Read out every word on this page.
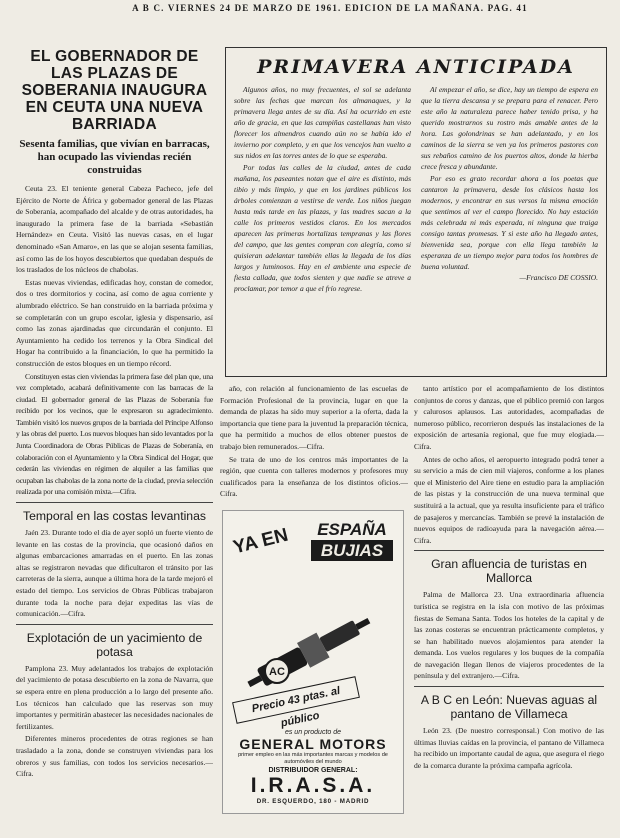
A B C. VIERNES 24 DE MARZO DE 1961. EDICION DE LA MAÑANA. PAG. 41
EL GOBERNADOR DE LAS PLAZAS DE SOBERANIA INAUGURA EN CEUTA UNA NUEVA BARRIADA
Sesenta familias, que vivían en barracas, han ocupado las viviendas recién construidas

Ceuta 23. El teniente general Cabeza Pacheco, jefe del Ejército de Norte de África y gobernador general de las Plazas de Soberanía, acompañado del alcalde y de otras autoridades, ha inaugurado la primera fase de la barriada «Sebastián Hernández» en Ceuta. Visitó las nuevas casas, en el lugar denominado «San Amaro», en las que se alojan sesenta familias, así como las de los hoyos descubiertos que quedaban después de los traslados de los núcleos de chabolas.

Estas nuevas viviendas, edificadas hoy, constan de comedor, dos o tres dormitorios y cocina, así como de agua corriente y alumbrado eléctrico. Se han construido en la barriada próxima y se completarán con un grupo escolar, iglesia y dispensario, así como las zonas ajardinadas que circundarán el conjunto. El Ayuntamiento ha cedido los terrenos y la Obra Sindical del Hogar ha contribuido a la financiación, lo que ha permitido la construcción de estos bloques en un tiempo récord.

Constituyen estas cien viviendas la primera fase del plan que, una vez completado, acabará definitivamente con las barracas de la ciudad. El gobernador general de las Plazas de Soberanía fue recibido por los vecinos, que le expresaron su agradecimiento. También visitó los nuevos grupos de la barriada del Príncipe Alfonso y las obras del puerto. Los nuevos bloques han sido levantados por la Junta Coordinadora de Obras Públicas de Plazas de Soberanía, en colaboración con el Ayuntamiento y la Obra Sindical del Hogar, que cederán las viviendas en régimen de alquiler a las familias que ocupaban las chabolas de la zona norte de la ciudad, previa selección realizada por una comisión mixta.—Cifra.

Temporal en las costas levantinas

Jaén 23. Durante todo el día de ayer sopló un fuerte viento de levante en las costas de la provincia, que ocasionó daños en algunas embarcaciones amarradas en el puerto. En las zonas altas se registraron nevadas que dificultaron el tránsito por las carreteras de la sierra, aunque a última hora de la tarde mejoró el estado del tiempo. Los servicios de Obras Públicas trabajaron durante toda la noche para dejar expeditas las vías de comunicación.—Cifra.

Explotación de un yacimiento de potasa

Pamplona 23. Muy adelantados los trabajos de explotación del yacimiento de potasa descubierto en la zona de Navarra, que se espera entre en plena producción a lo largo del presente año. Los técnicos han calculado que las reservas son muy importantes y permitirán abastecer las necesidades nacionales de fertilizantes.

Diferentes mineros procedentes de otras regiones se han trasladado a la zona, donde se construyen viviendas para los obreros y sus familias, con todos los servicios necesarios.—Cifra.

PRIMAVERA ANTICIPADA

Algunos años, no muy frecuentes, el sol se adelanta sobre las fechas que marcan los almanaques, y la primavera llega antes de su día. Así ha ocurrido en este año de gracia, en que las campiñas castellanas han visto florecer los almendros cuando aún no se había ido el invierno por completo, y en que los vencejos han vuelto a sus nidos en las torres antes de lo que se esperaba.

Por todas las calles de la ciudad, antes de cada mañana, los paseantes notan que el aire es distinto, más tibio y más limpio, y que en los jardines públicos los árboles comienzan a vestirse de verde. Los niños juegan hasta más tarde en las plazas, y las madres sacan a la calle los primeros vestidos claros. En los mercados aparecen las primeras hortalizas tempranas y las flores del campo, que las gentes compran con alegría, como si quisieran adelantar también ellas la llegada de los días largos y luminosos. Hay en el ambiente una especie de fiesta callada, que todos sienten y que nadie se atreve a proclamar, por temor a que el frío regrese.

Al empezar el año, se dice, hay un tiempo de espera en que la tierra descansa y se prepara para el renacer. Pero este año la naturaleza parece haber tenido prisa, y ha querido mostrarnos su rostro más amable antes de la hora. Las golondrinas se han adelantado, y en los caminos de la sierra se ven ya los primeros pastores con sus rebaños camino de los puertos altos, donde la hierba crece fresca y abundante.

Por eso es grato recordar ahora a los poetas que cantaron la primavera, desde los clásicos hasta los modernos, y encontrar en sus versos la misma emoción que sentimos al ver el campo florecido. No hay estación más celebrada ni más esperada, ni ninguna que traiga consigo tantas promesas. Y si este año ha llegado antes, bienvenida sea, porque con ella llega también la esperanza de un tiempo mejor para todos los hombres de buena voluntad.

—Francisco DE COSSIO.

año, con relación al funcionamiento de las escuelas de Formación Profesional de la provincia, lugar en que la demanda de plazas ha sido muy superior a la oferta, dada la importancia que tiene para la juventud la preparación técnica, que ha permitido a muchos de ellos obtener puestos de trabajo bien remunerados.—Cifra.

Se trata de uno de los centros más importantes de la región, que cuenta con talleres modernos y profesores muy cualificados para la enseñanza de los distintos oficios.—Cifra.

YA EN	ESPAÑA
BUJIAS
AC
Precio 43 ptas. al público
es un producto de
GENERAL MOTORS
primer empleo en las más importantes marcas y modelos de automóviles del mundo
DISTRIBUIDOR GENERAL:
I.R.A.S.A.
DR. ESQUERDO, 180 - MADRID

tanto artístico por el acompañamiento de los distintos conjuntos de coros y danzas, que el público premió con largos y calurosos aplausos. Las autoridades, acompañadas de numeroso público, recorrieron después las instalaciones de la exposición de artesanía regional, que fue muy elogiada.—Cifra.

Antes de ocho años, el aeropuerto integrado podrá tener a su servicio a más de cien mil viajeros, conforme a los planes que el Ministerio del Aire tiene en estudio para la ampliación de las pistas y la construcción de una nueva terminal que sustituirá a la actual, que ya resulta insuficiente para el tráfico de pasajeros y mercancías. También se prevé la instalación de nuevos equipos de radioayuda para la navegación aérea.—Cifra.

Gran afluencia de turistas en Mallorca

Palma de Mallorca 23. Una extraordinaria afluencia turística se registra en la isla con motivo de las próximas fiestas de Semana Santa. Todos los hoteles de la capital y de las zonas costeras se encuentran prácticamente completos, y se han habilitado nuevos alojamientos para atender la demanda. Los vuelos regulares y los buques de la compañía de navegación llegan llenos de viajeros procedentes de la península y del extranjero.—Cifra.

A B C en León: Nuevas aguas al pantano de Villameca

León 23. (De nuestro corresponsal.) Con motivo de las últimas lluvias caídas en la provincia, el pantano de Villameca ha recibido un importante caudal de agua, que asegura el riego de la comarca durante la próxima campaña agrícola.
